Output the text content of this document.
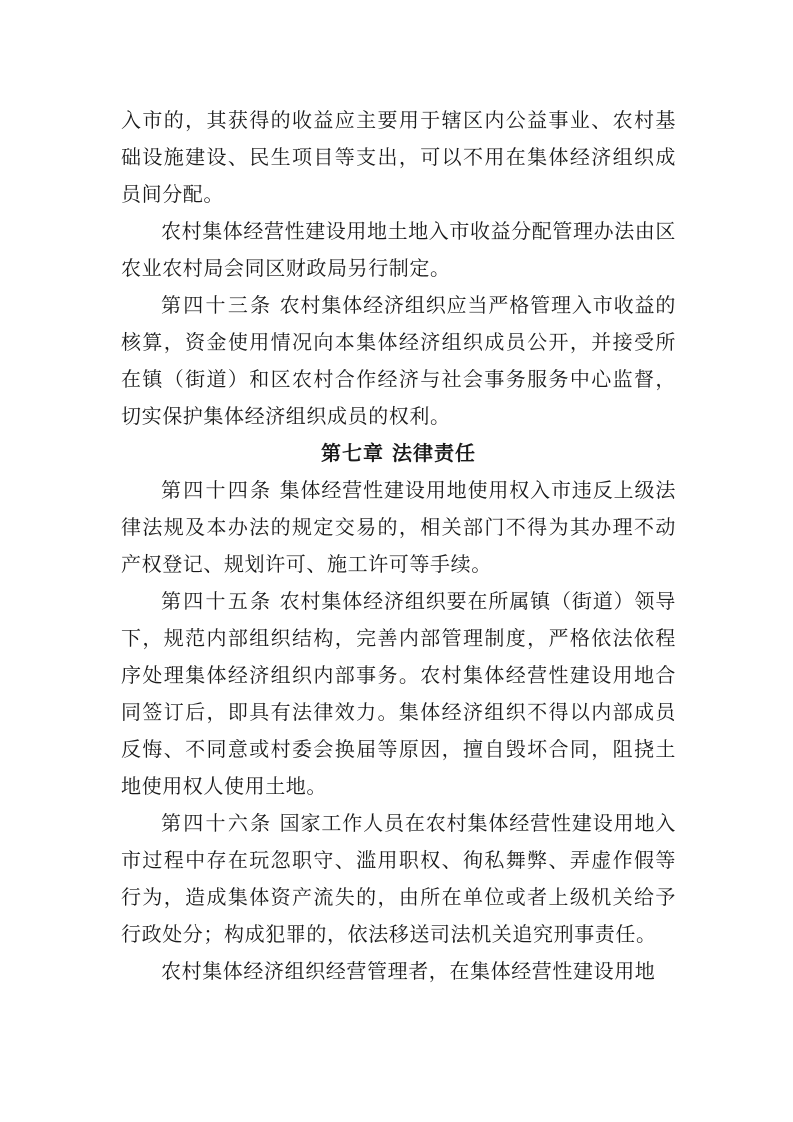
入市的，其获得的收益应主要用于辖区内公益事业、农村基础设施建设、民生项目等支出，可以不用在集体经济组织成员间分配。

农村集体经营性建设用地土地入市收益分配管理办法由区农业农村局会同区财政局另行制定。

第四十三条 农村集体经济组织应当严格管理入市收益的核算，资金使用情况向本集体经济组织成员公开，并接受所在镇（街道）和区农村合作经济与社会事务服务中心监督，切实保护集体经济组织成员的权利。

第七章 法律责任

第四十四条 集体经营性建设用地使用权入市违反上级法律法规及本办法的规定交易的，相关部门不得为其办理不动产权登记、规划许可、施工许可等手续。

第四十五条 农村集体经济组织要在所属镇（街道）领导下，规范内部组织结构，完善内部管理制度，严格依法依程序处理集体经济组织内部事务。农村集体经营性建设用地合同签订后，即具有法律效力。集体经济组织不得以内部成员反悔、不同意或村委会换届等原因，擅自毁坏合同，阻挠土地使用权人使用土地。

第四十六条 国家工作人员在农村集体经营性建设用地入市过程中存在玩忽职守、滥用职权、徇私舞弊、弄虚作假等行为，造成集体资产流失的，由所在单位或者上级机关给予行政处分；构成犯罪的，依法移送司法机关追究刑事责任。

农村集体经济组织经营管理者，在集体经营性建设用地
